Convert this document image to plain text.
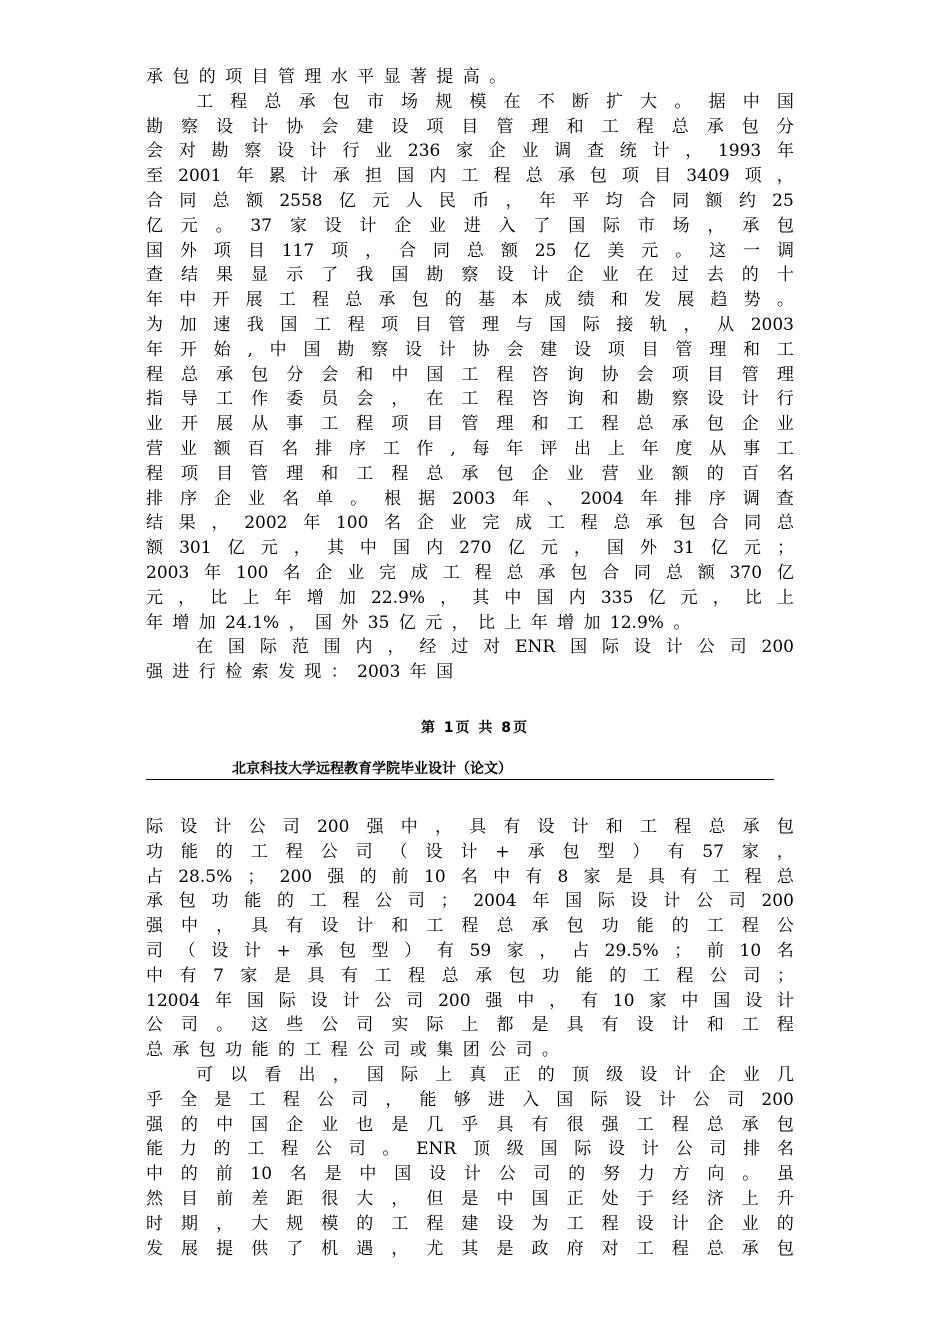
承 包 的 项 目 管 理 水 平 显 著 提 高 。
工 程 总 承 包 市 场 规 模 在 不 断 扩 大 。 据 中 国
勘 察 设 计 协 会 建 设 项 目 管 理 和 工 程 总 承 包 分
会 对 勘 察 设 计 行 业 236 家 企 业 调 查 统 计 ， 1993 年
至 2001 年 累 计 承 担 国 内 工 程 总 承 包 项 目 3409 项 ，
合 同 总 额 2558 亿 元 人 民 币 ， 年 平 均 合 同 额 约 25
亿 元 。 37 家 设 计 企 业 进 入 了 国 际 市 场 ， 承 包
国 外 项 目 117 项 ， 合 同 总 额 25 亿 美 元 。 这 一 调
查 结 果 显 示 了 我 国 勘 察 设 计 企 业 在 过 去 的 十
年 中 开 展 工 程 总 承 包 的 基 本 成 绩 和 发 展 趋 势 。
为 加 速 我 国 工 程 项 目 管 理 与 国 际 接 轨 ， 从 2003
年 开 始 , 中 国 勘 察 设 计 协 会 建 设 项 目 管 理 和 工
程 总 承 包 分 会 和 中 国 工 程 咨 询 协 会 项 目 管 理
指 导 工 作 委 员 会 ， 在 工 程 咨 询 和 勘 察 设 计 行
业 开 展 从 事 工 程 项 目 管 理 和 工 程 总 承 包 企 业
营 业 额 百 名 排 序 工 作 , 每 年 评 出 上 年 度 从 事 工
程 项 目 管 理 和 工 程 总 承 包 企 业 营 业 额 的 百 名
排 序 企 业 名 单 。 根 据 2003 年 、 2004 年 排 序 调 查
结 果 ， 2002 年 100 名 企 业 完 成 工 程 总 承 包 合 同 总
额 301 亿 元 ， 其 中 国 内 270 亿 元 ， 国 外 31 亿 元 ；
2003 年 100 名 企 业 完 成 工 程 总 承 包 合 同 总 额 370 亿
元 ， 比 上 年 增 加 22.9% ， 其 中 国 内 335 亿 元 ， 比 上
年 增 加 24.1% ， 国 外 35 亿 元 ， 比 上 年 增 加 12.9% 。
在 国 际 范 围 内 ， 经 过 对 ENR 国 际 设 计 公 司 200
强 进 行 检 索 发 现 ： 2003 年 国
第 1页 共 8页
北京科技大学远程教育学院毕业设计（论文）
际 设 计 公 司 200 强 中 ， 具 有 设 计 和 工 程 总 承 包
功 能 的 工 程 公 司 （ 设 计 + 承 包 型 ） 有 57 家 ，
占 28.5% ； 200 强 的 前 10 名 中 有 8 家 是 具 有 工 程 总
承 包 功 能 的 工 程 公 司 ； 2004 年 国 际 设 计 公 司 200
强 中 ， 具 有 设 计 和 工 程 总 承 包 功 能 的 工 程 公
司 （ 设 计 + 承 包 型 ） 有 59 家 ， 占 29.5% ； 前 10 名
中 有 7 家 是 具 有 工 程 总 承 包 功 能 的 工 程 公 司 ；
12004 年 国 际 设 计 公 司 200 强 中 ， 有 10 家 中 国 设 计
公 司 。 这 些 公 司 实 际 上 都 是 具 有 设 计 和 工 程
总 承 包 功 能 的 工 程 公 司 或 集 团 公 司 。
可 以 看 出 ， 国 际 上 真 正 的 顶 级 设 计 企 业 几
乎 全 是 工 程 公 司 ， 能 够 进 入 国 际 设 计 公 司 200
强 的 中 国 企 业 也 是 几 乎 具 有 很 强 工 程 总 承 包
能 力 的 工 程 公 司 。 ENR 顶 级 国 际 设 计 公 司 排 名
中 的 前 10 名 是 中 国 设 计 公 司 的 努 力 方 向 。 虽
然 目 前 差 距 很 大 ， 但 是 中 国 正 处 于 经 济 上 升
时 期 ， 大 规 模 的 工 程 建 设 为 工 程 设 计 企 业 的
发 展 提 供 了 机 遇 ， 尤 其 是 政 府 对 工 程 总 承 包
